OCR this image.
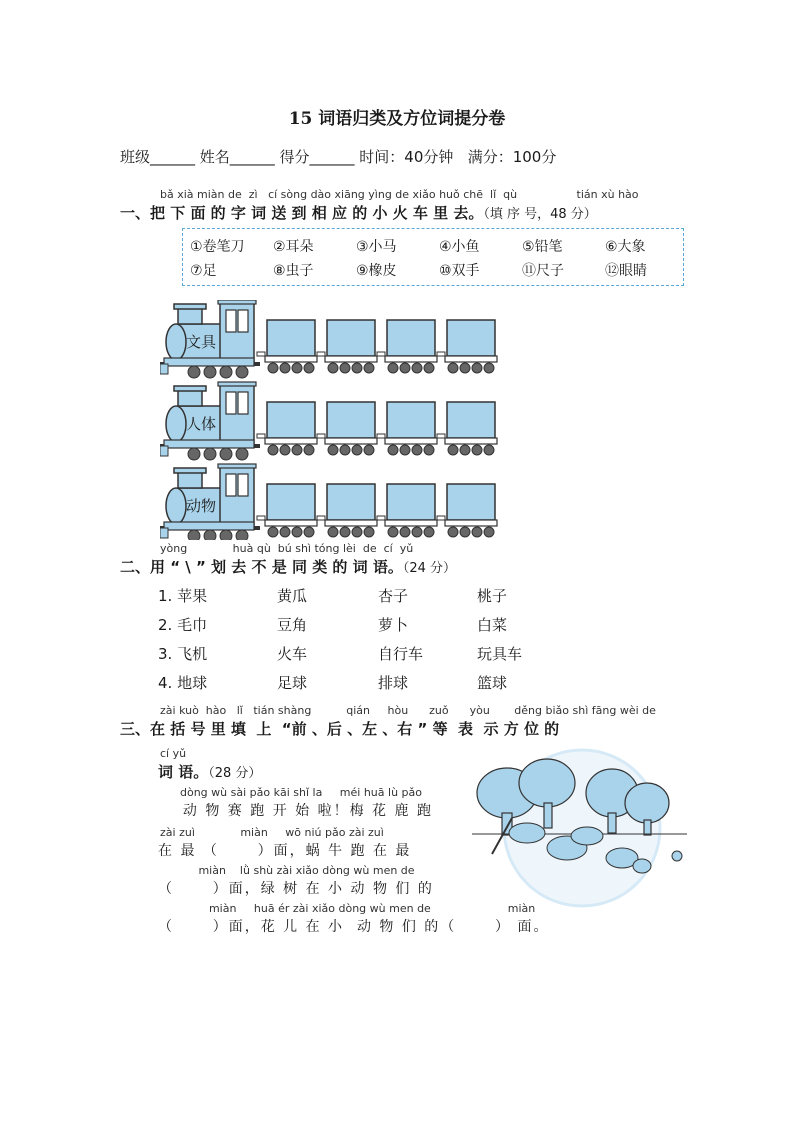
15 词语归类及方位词提分卷
班级______ 姓名______ 得分______ 时间：40分钟   满分：100分
bǎ xià miàn de  zì   cí sòng dào xiāng yìng de xiǎo huǒ chē  lǐ  qù                 tián xù hào
一、把 下 面 的 字 词 送 到 相 应 的 小 火 车 里 去。（填 序 号，48 分）
①卷笔刀 ②耳朵	③小马	④小鱼	⑤铅笔	⑥大象
⑦足	⑧虫子	⑨橡皮	⑩双手	⑪尺子	⑫眼睛
文具
人体
动物
yòng             huà qù  bú shì tóng lèi  de  cí  yǔ
二、用 “ \ ” 划 去 不 是 同 类 的 词 语。（24 分）
1. 苹果	黄瓜	杏子	桃子
2. 毛巾	豆角	萝卜	白菜
3. 飞机	火车	自行车	玩具车
4. 地球	足球	排球	篮球
zài kuò  hào   lǐ   tián shàng          qián     hòu      zuǒ      yòu       děng biǎo shì fāng wèi de
三、在 括 号 里 填  上  “前 、后 、左 、右 ” 等  表  示 方 位 的
cí yǔ
词 语。（28 分）
dòng wù sài pǎo kāi shǐ la     méi huā lù pǎo
动 物 赛 跑 开 始 啦！梅 花 鹿 跑
zài zuì             miàn     wō niú pǎo zài zuì
在 最 （      ）面，蜗 牛 跑 在 最
miàn    lǜ shù zài xiǎo dòng wù men de
（      ）面，绿 树 在 小 动 物 们 的
miàn     huā ér zài xiǎo dòng wù men de                      miàn
（      ）面，花 儿 在 小  动 物 们 的（      ） 面。
